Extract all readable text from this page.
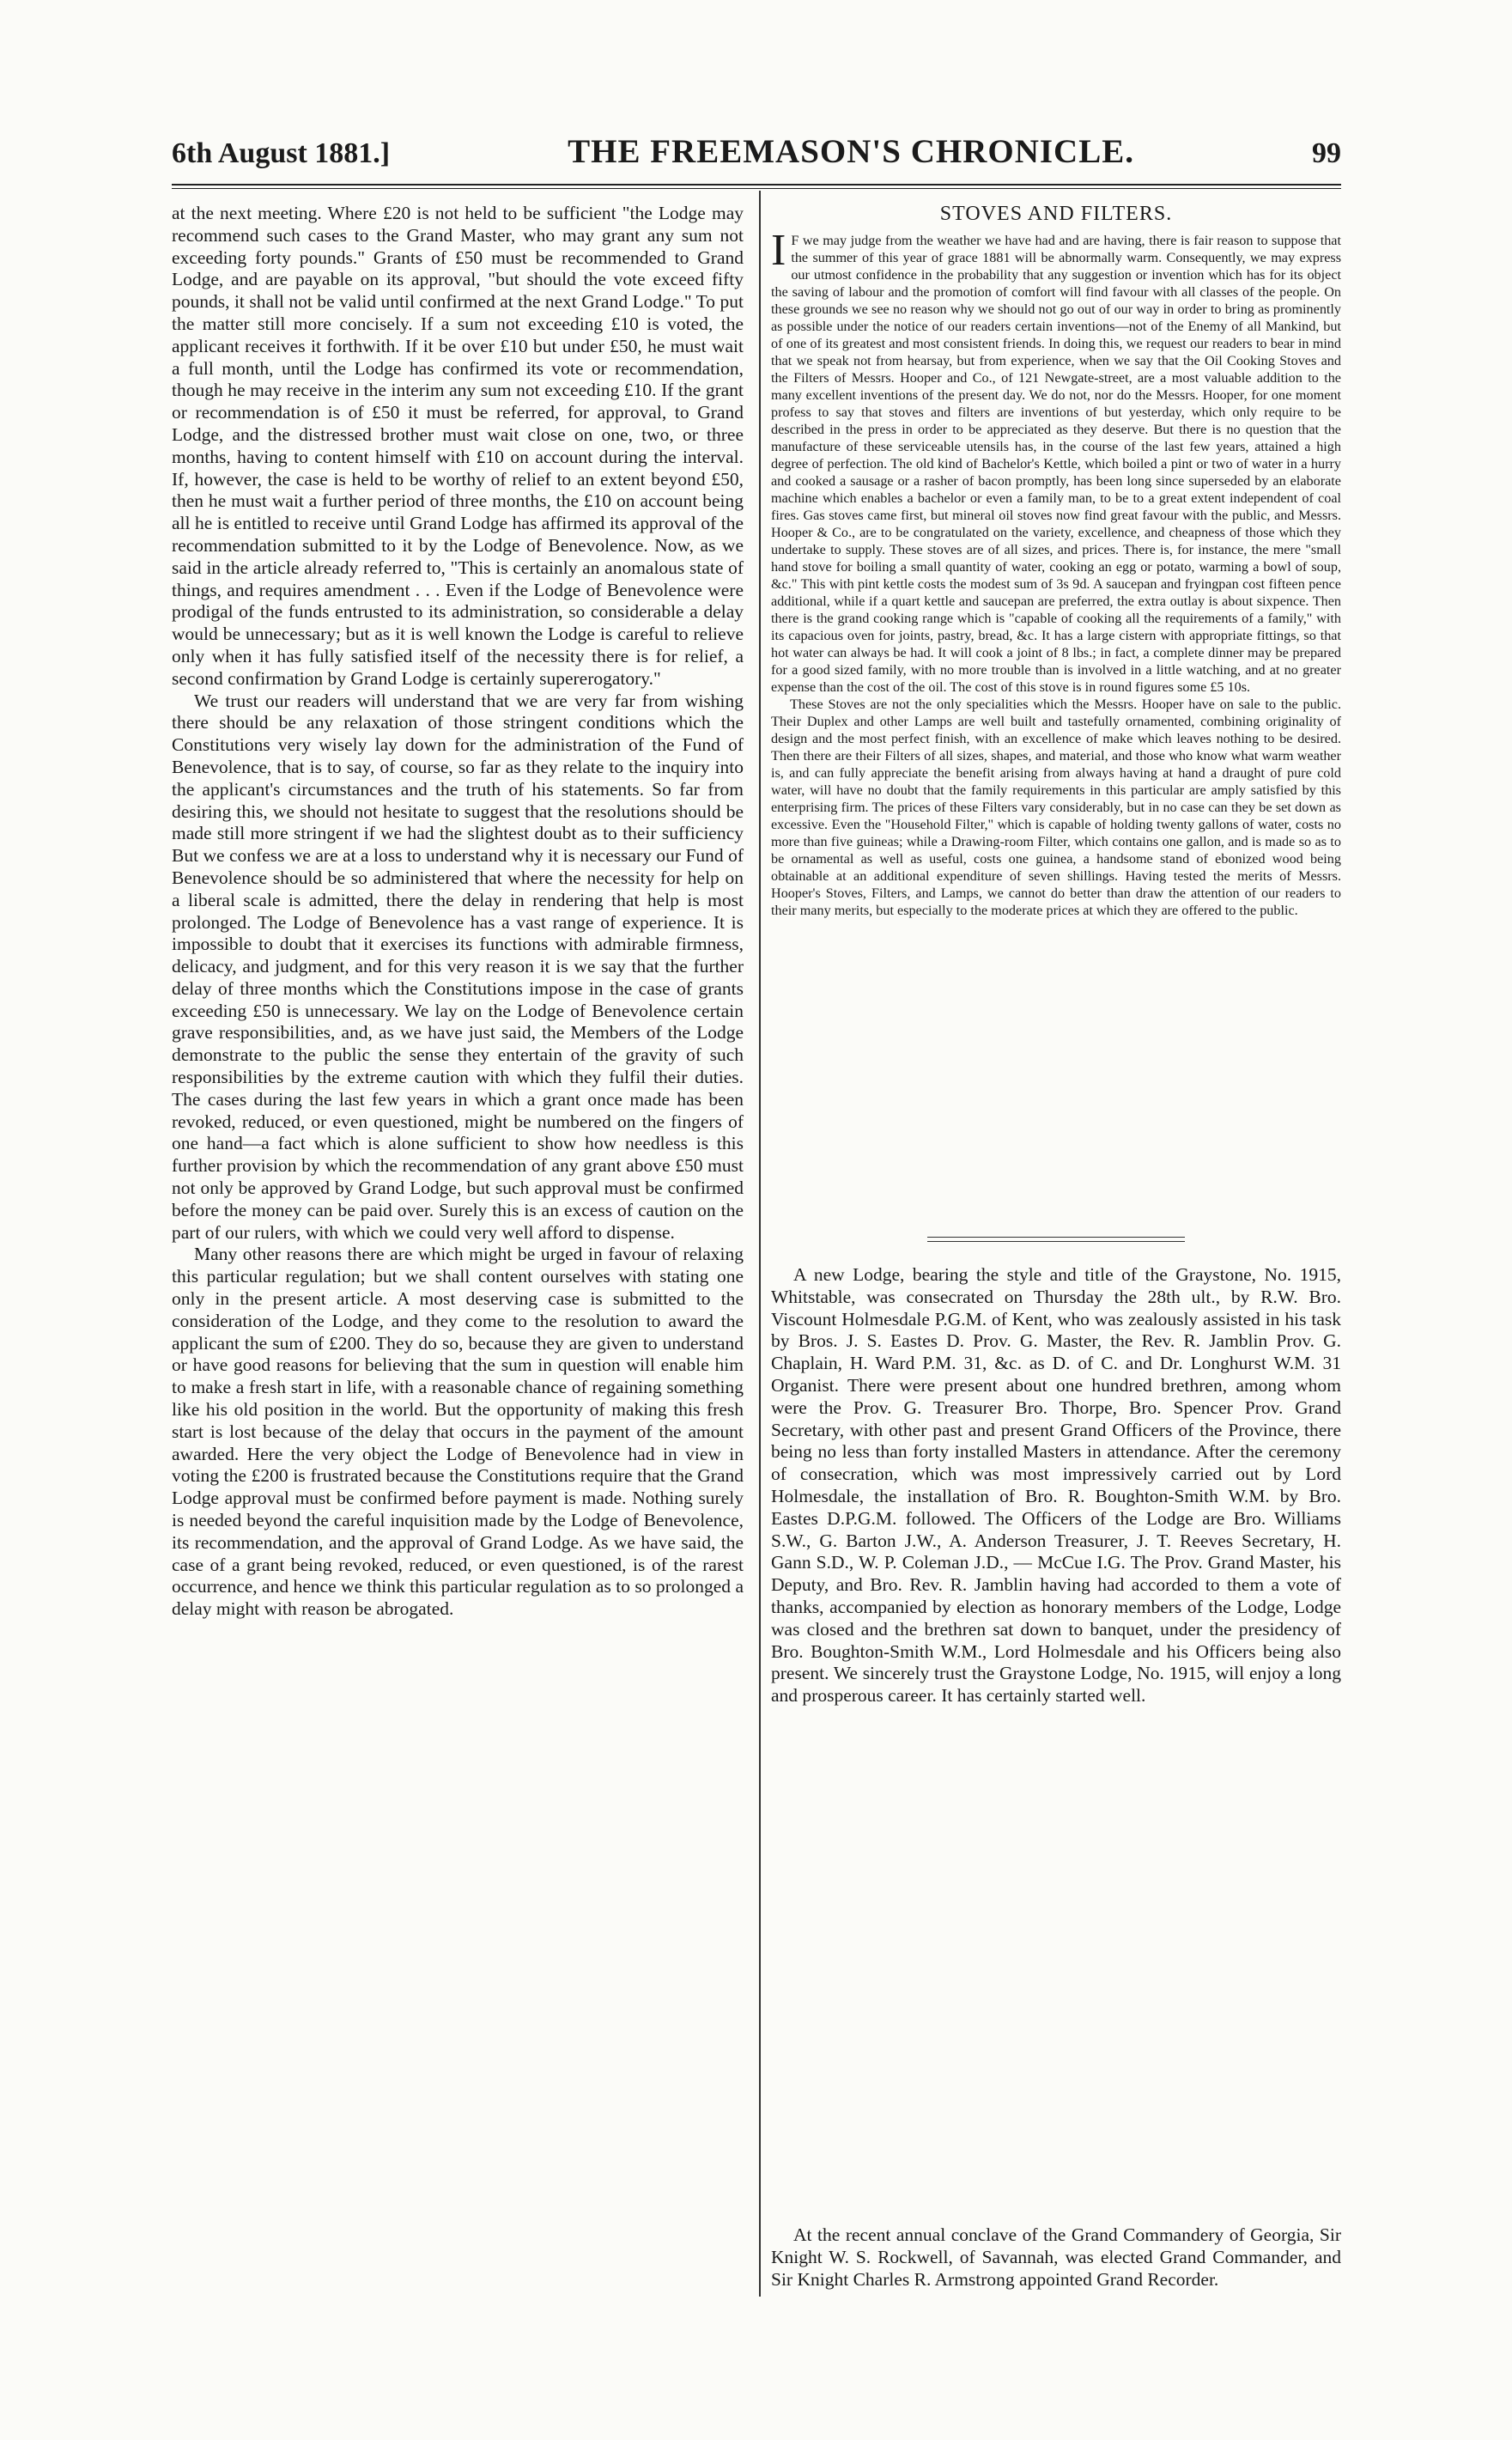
6th August 1881.]	THE FREEMASON'S CHRONICLE.	99

at the next meeting. Where £20 is not held to be sufficient "the Lodge may recommend such cases to the Grand Master, who may grant any sum not exceeding forty pounds." Grants of £50 must be recommended to Grand Lodge, and are payable on its approval, "but should the vote exceed fifty pounds, it shall not be valid until confirmed at the next Grand Lodge." To put the matter still more concisely. If a sum not exceeding £10 is voted, the applicant receives it forthwith. If it be over £10 but under £50, he must wait a full month, until the Lodge has confirmed its vote or recommendation, though he may receive in the interim any sum not exceeding £10. If the grant or recommendation is of £50 it must be referred, for approval, to Grand Lodge, and the distressed brother must wait close on one, two, or three months, having to content himself with £10 on account during the interval. If, however, the case is held to be worthy of relief to an extent beyond £50, then he must wait a further period of three months, the £10 on account being all he is entitled to receive until Grand Lodge has affirmed its approval of the recommendation submitted to it by the Lodge of Benevolence. Now, as we said in the article already referred to, "This is certainly an anomalous state of things, and requires amendment . . . Even if the Lodge of Benevolence were prodigal of the funds entrusted to its administration, so considerable a delay would be unnecessary; but as it is well known the Lodge is careful to relieve only when it has fully satisfied itself of the necessity there is for relief, a second confirmation by Grand Lodge is certainly supererogatory."

We trust our readers will understand that we are very far from wishing there should be any relaxation of those stringent conditions which the Constitutions very wisely lay down for the administration of the Fund of Benevolence, that is to say, of course, so far as they relate to the inquiry into the applicant's circumstances and the truth of his statements. So far from desiring this, we should not hesitate to suggest that the resolutions should be made still more stringent if we had the slightest doubt as to their sufficiency But we confess we are at a loss to understand why it is necessary our Fund of Benevolence should be so administered that where the necessity for help on a liberal scale is admitted, there the delay in rendering that help is most prolonged. The Lodge of Benevolence has a vast range of experience. It is impossible to doubt that it exercises its functions with admirable firmness, delicacy, and judgment, and for this very reason it is we say that the further delay of three months which the Constitutions impose in the case of grants exceeding £50 is unnecessary. We lay on the Lodge of Benevolence certain grave responsibilities, and, as we have just said, the Members of the Lodge demonstrate to the public the sense they entertain of the gravity of such responsibilities by the extreme caution with which they fulfil their duties. The cases during the last few years in which a grant once made has been revoked, reduced, or even questioned, might be numbered on the fingers of one hand—a fact which is alone sufficient to show how needless is this further provision by which the recommendation of any grant above £50 must not only be approved by Grand Lodge, but such approval must be confirmed before the money can be paid over. Surely this is an excess of caution on the part of our rulers, with which we could very well afford to dispense.

Many other reasons there are which might be urged in favour of relaxing this particular regulation; but we shall content ourselves with stating one only in the present article. A most deserving case is submitted to the consideration of the Lodge, and they come to the resolution to award the applicant the sum of £200. They do so, because they are given to understand or have good reasons for believing that the sum in question will enable him to make a fresh start in life, with a reasonable chance of regaining something like his old position in the world. But the opportunity of making this fresh start is lost because of the delay that occurs in the payment of the amount awarded. Here the very object the Lodge of Benevolence had in view in voting the £200 is frustrated because the Constitutions require that the Grand Lodge approval must be confirmed before payment is made. Nothing surely is needed beyond the careful inquisition made by the Lodge of Benevolence, its recommendation, and the approval of Grand Lodge. As we have said, the case of a grant being revoked, reduced, or even questioned, is of the rarest occurrence, and hence we think this particular regulation as to so prolonged a delay might with reason be abrogated.

STOVES AND FILTERS.

I F we may judge from the weather we have had and are having, there is fair reason to suppose that the summer of this year of grace 1881 will be abnormally warm. Consequently, we may express our utmost confidence in the probability that any suggestion or invention which has for its object the saving of labour and the promotion of comfort will find favour with all classes of the people. On these grounds we see no reason why we should not go out of our way in order to bring as prominently as possible under the notice of our readers certain inventions—not of the Enemy of all Mankind, but of one of its greatest and most consistent friends. In doing this, we request our readers to bear in mind that we speak not from hearsay, but from experience, when we say that the Oil Cooking Stoves and the Filters of Messrs. Hooper and Co., of 121 Newgate-street, are a most valuable addition to the many excellent inventions of the present day. We do not, nor do the Messrs. Hooper, for one moment profess to say that stoves and filters are inventions of but yesterday, which only require to be described in the press in order to be appreciated as they deserve. But there is no question that the manufacture of these serviceable utensils has, in the course of the last few years, attained a high degree of perfection. The old kind of Bachelor's Kettle, which boiled a pint or two of water in a hurry and cooked a sausage or a rasher of bacon promptly, has been long since superseded by an elaborate machine which enables a bachelor or even a family man, to be to a great extent independent of coal fires. Gas stoves came first, but mineral oil stoves now find great favour with the public, and Messrs. Hooper & Co., are to be congratulated on the variety, excellence, and cheapness of those which they undertake to supply. These stoves are of all sizes, and prices. There is, for instance, the mere "small hand stove for boiling a small quantity of water, cooking an egg or potato, warming a bowl of soup, &c." This with pint kettle costs the modest sum of 3s 9d. A saucepan and fryingpan cost fifteen pence additional, while if a quart kettle and saucepan are preferred, the extra outlay is about sixpence. Then there is the grand cooking range which is "capable of cooking all the requirements of a family," with its capacious oven for joints, pastry, bread, &c. It has a large cistern with appropriate fittings, so that hot water can always be had. It will cook a joint of 8 lbs.; in fact, a complete dinner may be prepared for a good sized family, with no more trouble than is involved in a little watching, and at no greater expense than the cost of the oil. The cost of this stove is in round figures some £5 10s.

These Stoves are not the only specialities which the Messrs. Hooper have on sale to the public. Their Duplex and other Lamps are well built and tastefully ornamented, combining originality of design and the most perfect finish, with an excellence of make which leaves nothing to be desired. Then there are their Filters of all sizes, shapes, and material, and those who know what warm weather is, and can fully appreciate the benefit arising from always having at hand a draught of pure cold water, will have no doubt that the family requirements in this particular are amply satisfied by this enterprising firm. The prices of these Filters vary considerably, but in no case can they be set down as excessive. Even the "Household Filter," which is capable of holding twenty gallons of water, costs no more than five guineas; while a Drawing-room Filter, which contains one gallon, and is made so as to be ornamental as well as useful, costs one guinea, a handsome stand of ebonized wood being obtainable at an additional expenditure of seven shillings. Having tested the merits of Messrs. Hooper's Stoves, Filters, and Lamps, we cannot do better than draw the attention of our readers to their many merits, but especially to the moderate prices at which they are offered to the public.

A new Lodge, bearing the style and title of the Graystone, No. 1915, Whitstable, was consecrated on Thursday the 28th ult., by R.W. Bro. Viscount Holmesdale P.G.M. of Kent, who was zealously assisted in his task by Bros. J. S. Eastes D. Prov. G. Master, the Rev. R. Jamblin Prov. G. Chaplain, H. Ward P.M. 31, &c. as D. of C. and Dr. Longhurst W.M. 31 Organist. There were present about one hundred brethren, among whom were the Prov. G. Treasurer Bro. Thorpe, Bro. Spencer Prov. Grand Secretary, with other past and present Grand Officers of the Province, there being no less than forty installed Masters in attendance. After the ceremony of consecration, which was most impressively carried out by Lord Holmesdale, the installation of Bro. R. Boughton-Smith W.M. by Bro. Eastes D.P.G.M. followed. The Officers of the Lodge are Bro. Williams S.W., G. Barton J.W., A. Anderson Treasurer, J. T. Reeves Secretary, H. Gann S.D., W. P. Coleman J.D., — McCue I.G. The Prov. Grand Master, his Deputy, and Bro. Rev. R. Jamblin having had accorded to them a vote of thanks, accompanied by election as honorary members of the Lodge, Lodge was closed and the brethren sat down to banquet, under the presidency of Bro. Boughton-Smith W.M., Lord Holmesdale and his Officers being also present. We sincerely trust the Graystone Lodge, No. 1915, will enjoy a long and prosperous career. It has certainly started well.

At the recent annual conclave of the Grand Commandery of Georgia, Sir Knight W. S. Rockwell, of Savannah, was elected Grand Commander, and Sir Knight Charles R. Armstrong appointed Grand Recorder.
